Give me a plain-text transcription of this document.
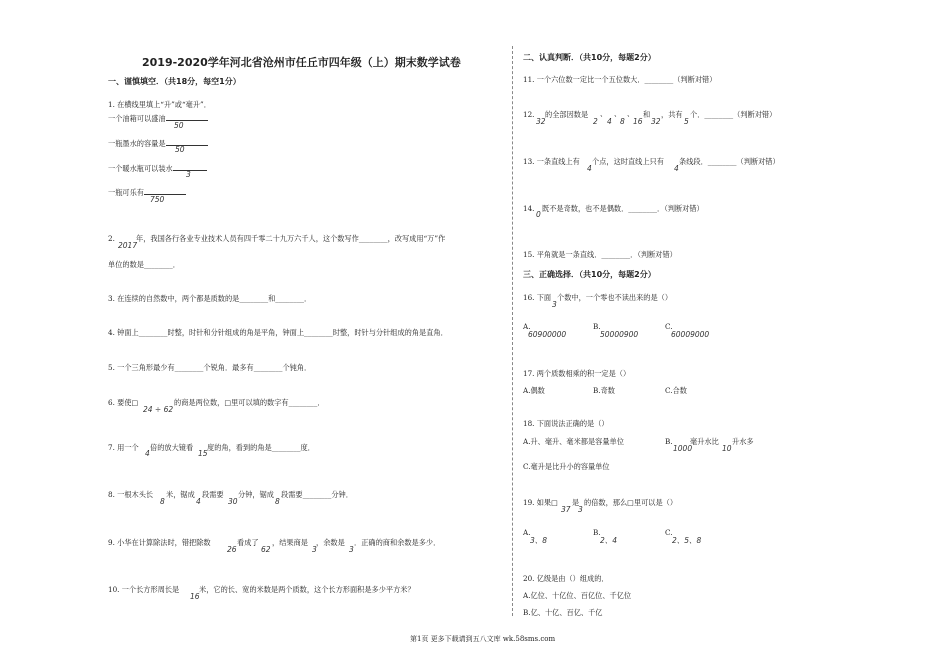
2019-2020学年河北省沧州市任丘市四年级（上）期末数学试卷
一、谨慎填空．（共18分，每空1分）
1. 在横线里填上“升”或“毫升”．
一个油箱可以盛油
50
一瓶墨水的容量是
50
一个暖水瓶可以装水
3
一瓶可乐有
750
2.
2017
年，我国各行各业专业技术人员有四千零二十九万六千人，这个数写作________，改写成用“万”作
单位的数是________．
3. 在连续的自然数中，两个都是质数的是________和________．
4. 钟面上________时整，时针和分针组成的角是平角，钟面上________时整，时针与分针组成的角是直角．
5. 一个三角形最少有________个锐角．最多有________个钝角．
6. 要使□
24 ÷ 62
的商是两位数，□里可以填的数字有________．
7. 用一个
4
倍的放大镜看
15
度的角，看到的角是________度．
8. 一根木头长
8
米，锯成
4
段需要
30
分钟，锯成
8
段需要________分钟．
9. 小华在计算除法时，错把除数
26
看成了
62
，结果商是
3
，余数是
3
．正确的商和余数是多少．
10. 一个长方形周长是
16
米，它的长、宽的米数是两个质数，这个长方形面积是多少平方米？
二、认真判断．（共10分，每题2分）
11. 一个六位数一定比一个五位数大．________（判断对错）
12.
32
的全部因数是
2
、
4
、
8
、
16
和
32
，共有
5
个．________（判断对错）
13. 一条直线上有
4
个点，这时直线上只有
4
条线段．________（判断对错）
14.
0
既不是奇数，也不是偶数．________．（判断对错）
15. 平角就是一条直线．________．（判断对错）
三、正确选择．（共10分，每题2分）
16. 下面
3
个数中，一个零也不读出来的是（）
A.
60900000
B.
50000900
C.
60009000
17. 两个质数相乘的积一定是（）
A.偶数	B.奇数	C.合数
18. 下面说法正确的是（）
A.升、毫升、毫米都是容量单位	B.
1000
毫升水比
10
升水多
C.毫升是比升小的容量单位
19. 如果□
37
是
3
的倍数，那么□里可以是（）
A.
3、8
B.
2、4
C.
2、5、8
20. 亿级是由（）组成的．
A.亿位、十亿位、百亿位、千亿位
B.亿、十亿、百亿、千亿
第1页 更多下载请到五八文库 wk.58sms.com
